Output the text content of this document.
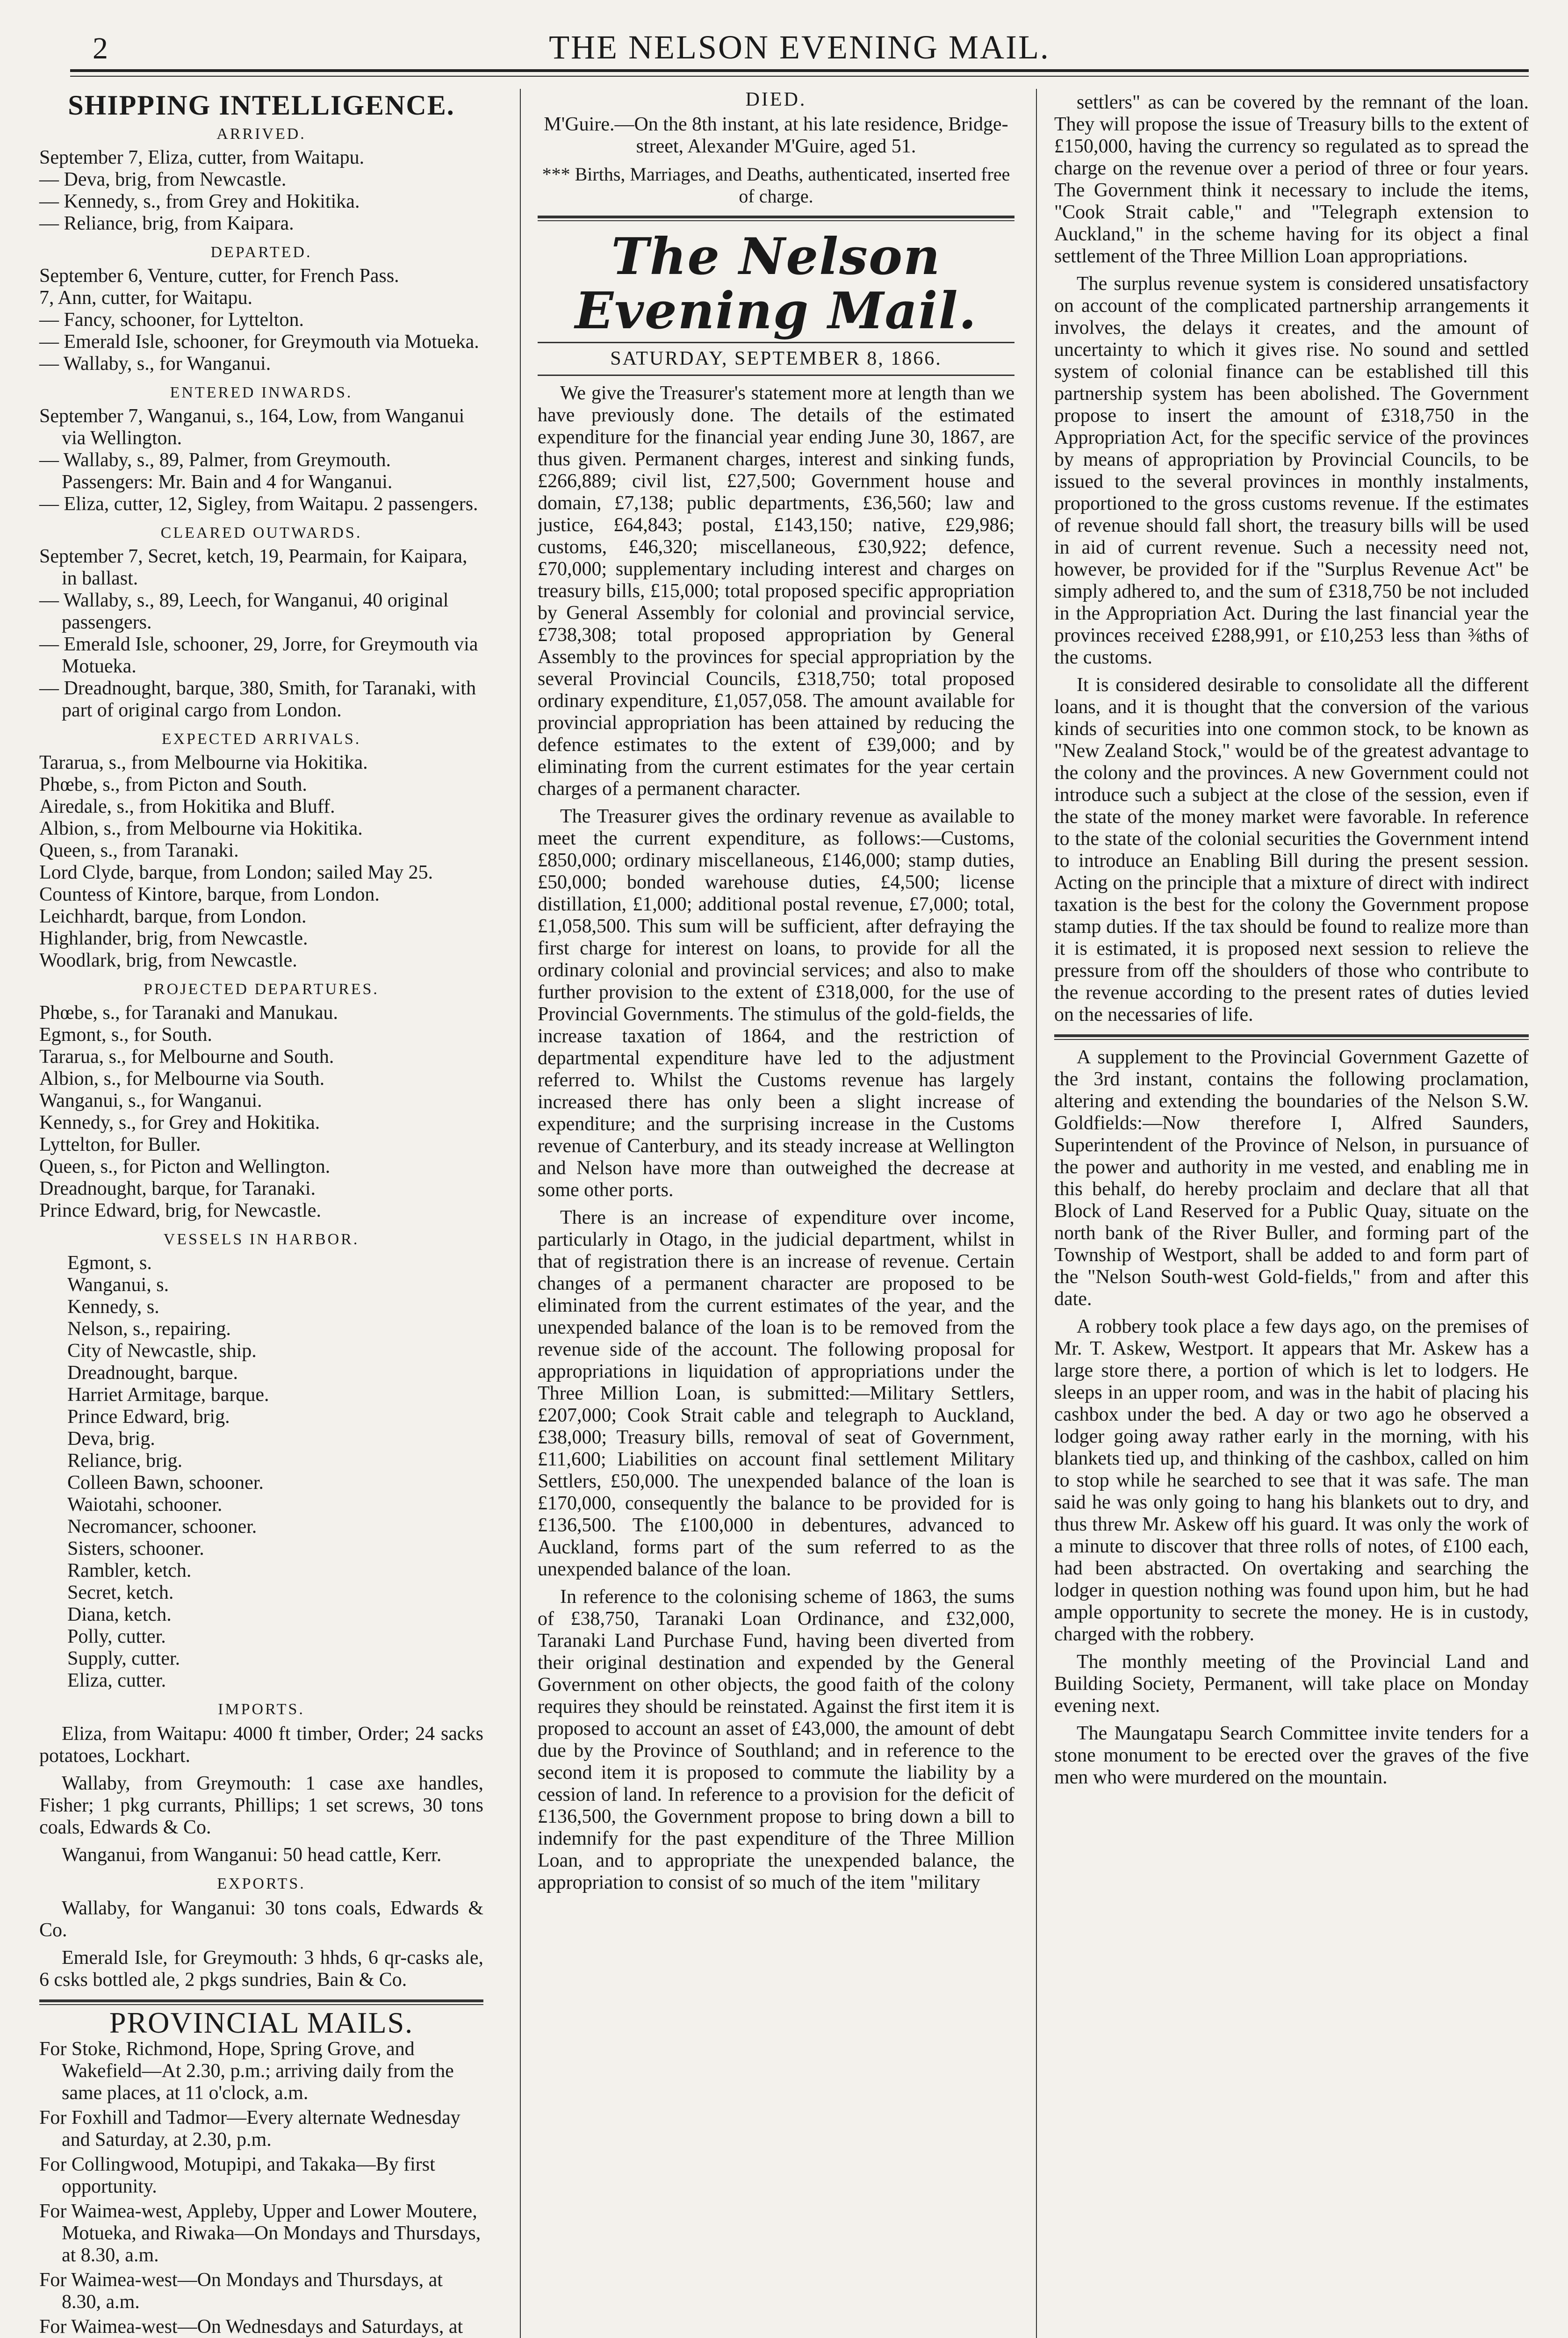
2	THE NELSON EVENING MAIL.
SHIPPING INTELLIGENCE.
ARRIVED.

September 7, Eliza, cutter, from Waitapu.

— Deva, brig, from Newcastle.

— Kennedy, s., from Grey and Hokitika.

— Reliance, brig, from Kaipara.

DEPARTED.

September 6, Venture, cutter, for French Pass.

7, Ann, cutter, for Waitapu.

— Fancy, schooner, for Lyttelton.

— Emerald Isle, schooner, for Greymouth via Motueka.

— Wallaby, s., for Wanganui.

ENTERED INWARDS.

September 7, Wanganui, s., 164, Low, from Wanganui via Wellington.

— Wallaby, s., 89, Palmer, from Greymouth. Passengers: Mr. Bain and 4 for Wanganui.

— Eliza, cutter, 12, Sigley, from Waitapu. 2 passengers.

CLEARED OUTWARDS.

September 7, Secret, ketch, 19, Pearmain, for Kaipara, in ballast.

— Wallaby, s., 89, Leech, for Wanganui, 40 original passengers.

— Emerald Isle, schooner, 29, Jorre, for Greymouth via Motueka.

— Dreadnought, barque, 380, Smith, for Taranaki, with part of original cargo from London.

EXPECTED ARRIVALS.

Tararua, s., from Melbourne via Hokitika.

Phœbe, s., from Picton and South.

Airedale, s., from Hokitika and Bluff.

Albion, s., from Melbourne via Hokitika.

Queen, s., from Taranaki.

Lord Clyde, barque, from London; sailed May 25.

Countess of Kintore, barque, from London.

Leichhardt, barque, from London.

Highlander, brig, from Newcastle.

Woodlark, brig, from Newcastle.

PROJECTED DEPARTURES.

Phœbe, s., for Taranaki and Manukau.

Egmont, s., for South.

Tararua, s., for Melbourne and South.

Albion, s., for Melbourne via South.

Wanganui, s., for Wanganui.

Kennedy, s., for Grey and Hokitika.

Lyttelton, for Buller.

Queen, s., for Picton and Wellington.

Dreadnought, barque, for Taranaki.

Prince Edward, brig, for Newcastle.

VESSELS IN HARBOR.

Egmont, s.

Wanganui, s.

Kennedy, s.

Nelson, s., repairing.

City of Newcastle, ship.

Dreadnought, barque.

Harriet Armitage, barque.

Prince Edward, brig.

Deva, brig.

Reliance, brig.

Colleen Bawn, schooner.

Waiotahi, schooner.

Necromancer, schooner.

Sisters, schooner.

Rambler, ketch.

Secret, ketch.

Diana, ketch.

Polly, cutter.

Supply, cutter.

Eliza, cutter.

IMPORTS.

Eliza, from Waitapu: 4000 ft timber, Order; 24 sacks potatoes, Lockhart.

Wallaby, from Greymouth: 1 case axe handles, Fisher; 1 pkg currants, Phillips; 1 set screws, 30 tons coals, Edwards & Co.

Wanganui, from Wanganui: 50 head cattle, Kerr.

EXPORTS.

Wallaby, for Wanganui: 30 tons coals, Edwards & Co.

Emerald Isle, for Greymouth: 3 hhds, 6 qr-casks ale, 6 csks bottled ale, 2 pkgs sundries, Bain & Co.

PROVINCIAL MAILS.

For Stoke, Richmond, Hope, Spring Grove, and Wakefield—At 2.30, p.m.; arriving daily from the same places, at 11 o'clock, a.m.

For Foxhill and Tadmor—Every alternate Wednesday and Saturday, at 2.30, p.m.

For Collingwood, Motupipi, and Takaka—By first opportunity.

For Waimea-west, Appleby, Upper and Lower Moutere, Motueka, and Riwaka—On Mondays and Thursdays, at 8.30, a.m.

For Waimea-west—On Mondays and Thursdays, at 8.30, a.m.

For Waimea-west—On Wednesdays and Saturdays, at

DIED.
M'Guire.—On the 8th instant, at his late residence, Bridge-street, Alexander M'Guire, aged 51.
*** Births, Marriages, and Deaths, authenticated, inserted free of charge.
The Nelson Evening Mail.
SATURDAY, SEPTEMBER 8, 1866.

We give the Treasurer's statement more at length than we have previously done. The details of the estimated expenditure for the financial year ending June 30, 1867, are thus given. Permanent charges, interest and sinking funds, £266,889; civil list, £27,500; Government house and domain, £7,138; public departments, £36,560; law and justice, £64,843; postal, £143,150; native, £29,986; customs, £46,320; miscellaneous, £30,922; defence, £70,000; supplementary including interest and charges on treasury bills, £15,000; total proposed specific appropriation by General Assembly for colonial and provincial service, £738,308; total proposed appropriation by General Assembly to the provinces for special appropriation by the several Provincial Councils, £318,750; total proposed ordinary expenditure, £1,057,058. The amount available for provincial appropriation has been attained by reducing the defence estimates to the extent of £39,000; and by eliminating from the current estimates for the year certain charges of a permanent character.

The Treasurer gives the ordinary revenue as available to meet the current expenditure, as follows:—Customs, £850,000; ordinary miscellaneous, £146,000; stamp duties, £50,000; bonded warehouse duties, £4,500; license distillation, £1,000; additional postal revenue, £7,000; total, £1,058,500. This sum will be sufficient, after defraying the first charge for interest on loans, to provide for all the ordinary colonial and provincial services; and also to make further provision to the extent of £318,000, for the use of Provincial Governments. The stimulus of the gold-fields, the increase taxation of 1864, and the restriction of departmental expenditure have led to the adjustment referred to. Whilst the Customs revenue has largely increased there has only been a slight increase of expenditure; and the surprising increase in the Customs revenue of Canterbury, and its steady increase at Wellington and Nelson have more than outweighed the decrease at some other ports.

There is an increase of expenditure over income, particularly in Otago, in the judicial department, whilst in that of registration there is an increase of revenue. Certain changes of a permanent character are proposed to be eliminated from the current estimates of the year, and the unexpended balance of the loan is to be removed from the revenue side of the account. The following proposal for appropriations in liquidation of appropriations under the Three Million Loan, is submitted:—Military Settlers, £207,000; Cook Strait cable and telegraph to Auckland, £38,000; Treasury bills, removal of seat of Government, £11,600; Liabilities on account final settlement Military Settlers, £50,000. The unexpended balance of the loan is £170,000, consequently the balance to be provided for is £136,500. The £100,000 in debentures, advanced to Auckland, forms part of the sum referred to as the unexpended balance of the loan.

In reference to the colonising scheme of 1863, the sums of £38,750, Taranaki Loan Ordinance, and £32,000, Taranaki Land Purchase Fund, having been diverted from their original destination and expended by the General Government on other objects, the good faith of the colony requires they should be reinstated. Against the first item it is proposed to account an asset of £43,000, the amount of debt due by the Province of Southland; and in reference to the second item it is proposed to commute the liability by a cession of land. In reference to a provision for the deficit of £136,500, the Government propose to bring down a bill to indemnify for the past expenditure of the Three Million Loan, and to appropriate the unexpended balance, the appropriation to consist of so much of the item "military

settlers" as can be covered by the remnant of the loan. They will propose the issue of Treasury bills to the extent of £150,000, having the currency so regulated as to spread the charge on the revenue over a period of three or four years. The Government think it necessary to include the items, "Cook Strait cable," and "Telegraph extension to Auckland," in the scheme having for its object a final settlement of the Three Million Loan appropriations.

The surplus revenue system is considered unsatisfactory on account of the complicated partnership arrangements it involves, the delays it creates, and the amount of uncertainty to which it gives rise. No sound and settled system of colonial finance can be established till this partnership system has been abolished. The Government propose to insert the amount of £318,750 in the Appropriation Act, for the specific service of the provinces by means of appropriation by Provincial Councils, to be issued to the several provinces in monthly instalments, proportioned to the gross customs revenue. If the estimates of revenue should fall short, the treasury bills will be used in aid of current revenue. Such a necessity need not, however, be provided for if the "Surplus Revenue Act" be simply adhered to, and the sum of £318,750 be not included in the Appropriation Act. During the last financial year the provinces received £288,991, or £10,253 less than ⅜ths of the customs.

It is considered desirable to consolidate all the different loans, and it is thought that the conversion of the various kinds of securities into one common stock, to be known as "New Zealand Stock," would be of the greatest advantage to the colony and the provinces. A new Government could not introduce such a subject at the close of the session, even if the state of the money market were favorable. In reference to the state of the colonial securities the Government intend to introduce an Enabling Bill during the present session. Acting on the principle that a mixture of direct with indirect taxation is the best for the colony the Government propose stamp duties. If the tax should be found to realize more than it is estimated, it is proposed next session to relieve the pressure from off the shoulders of those who contribute to the revenue according to the present rates of duties levied on the necessaries of life.

A supplement to the Provincial Government Gazette of the 3rd instant, contains the following proclamation, altering and extending the boundaries of the Nelson S.W. Goldfields:—Now therefore I, Alfred Saunders, Superintendent of the Province of Nelson, in pursuance of the power and authority in me vested, and enabling me in this behalf, do hereby proclaim and declare that all that Block of Land Reserved for a Public Quay, situate on the north bank of the River Buller, and forming part of the Township of Westport, shall be added to and form part of the "Nelson South-west Gold-fields," from and after this date.

A robbery took place a few days ago, on the premises of Mr. T. Askew, Westport. It appears that Mr. Askew has a large store there, a portion of which is let to lodgers. He sleeps in an upper room, and was in the habit of placing his cashbox under the bed. A day or two ago he observed a lodger going away rather early in the morning, with his blankets tied up, and thinking of the cashbox, called on him to stop while he searched to see that it was safe. The man said he was only going to hang his blankets out to dry, and thus threw Mr. Askew off his guard. It was only the work of a minute to discover that three rolls of notes, of £100 each, had been abstracted. On overtaking and searching the lodger in question nothing was found upon him, but he had ample opportunity to secrete the money. He is in custody, charged with the robbery.

The monthly meeting of the Provincial Land and Building Society, Permanent, will take place on Monday evening next.

The Maungatapu Search Committee invite tenders for a stone monument to be erected over the graves of the five men who were murdered on the mountain.
